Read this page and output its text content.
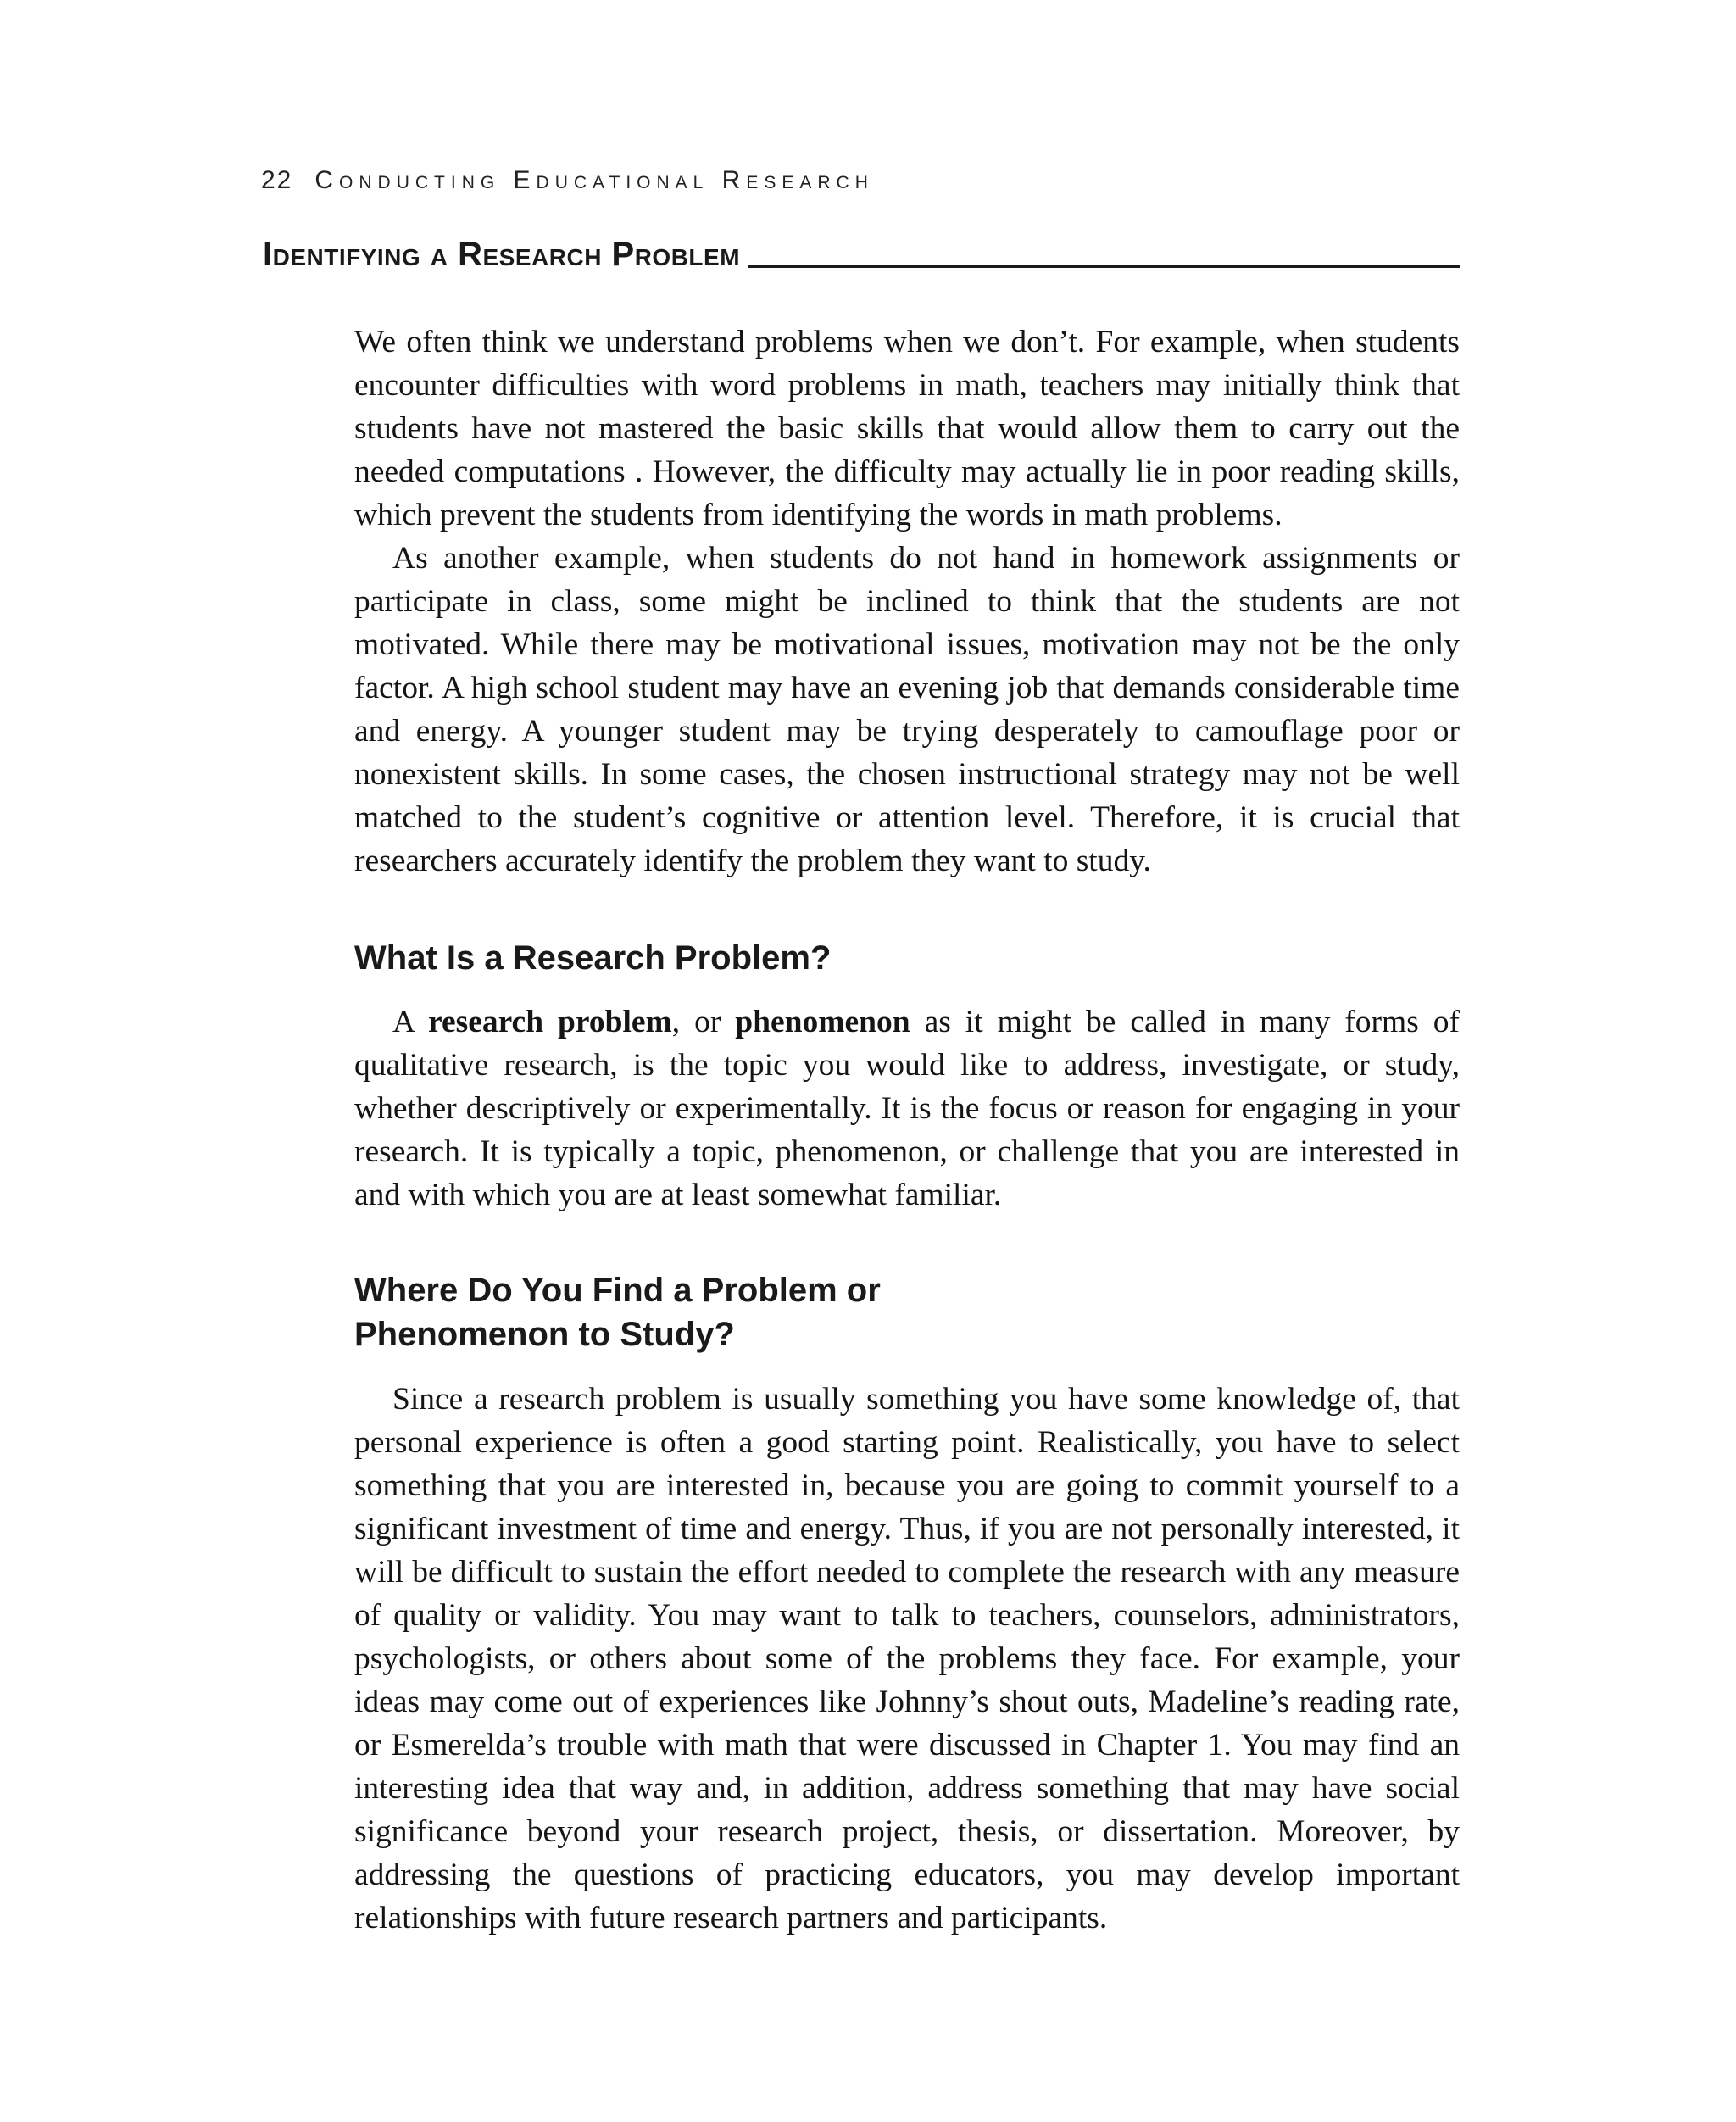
22 Conducting Educational Research
Identifying a Research Problem

We often think we understand problems when we don’t. For example, when students encounter difficulties with word problems in math, teachers may initially think that students have not mastered the basic skills that would allow them to carry out the needed computations . However, the difficulty may actually lie in poor reading skills, which prevent the students from identifying the words in math problems.

As another example, when students do not hand in homework assignments or participate in class, some might be inclined to think that the students are not motivated. While there may be motivational issues, motivation may not be the only factor. A high school student may have an evening job that demands considerable time and energy. A younger student may be trying desperately to camouflage poor or nonexistent skills. In some cases, the chosen instructional strategy may not be well matched to the student’s cognitive or attention level. Therefore, it is crucial that researchers accurately identify the problem they want to study.

What Is a Research Problem?

A research problem, or phenomenon as it might be called in many forms of qualitative research, is the topic you would like to address, investigate, or study, whether descriptively or experimentally. It is the focus or reason for engaging in your research. It is typically a topic, phenomenon, or challenge that you are interested in and with which you are at least somewhat familiar.

Where Do You Find a Problem or
Phenomenon to Study?

Since a research problem is usually something you have some knowledge of, that personal experience is often a good starting point. Realistically, you have to select something that you are interested in, because you are going to commit yourself to a significant investment of time and energy. Thus, if you are not personally interested, it will be difficult to sustain the effort needed to complete the research with any measure of quality or validity. You may want to talk to teachers, counselors, administrators, psychologists, or others about some of the problems they face. For example, your ideas may come out of experiences like Johnny’s shout outs, Madeline’s reading rate, or Esmerelda’s trouble with math that were discussed in Chapter 1. You may find an interesting idea that way and, in addition, address something that may have social significance beyond your research project, thesis, or dissertation. Moreover, by addressing the questions of practicing educators, you may develop important relationships with future research partners and participants.
